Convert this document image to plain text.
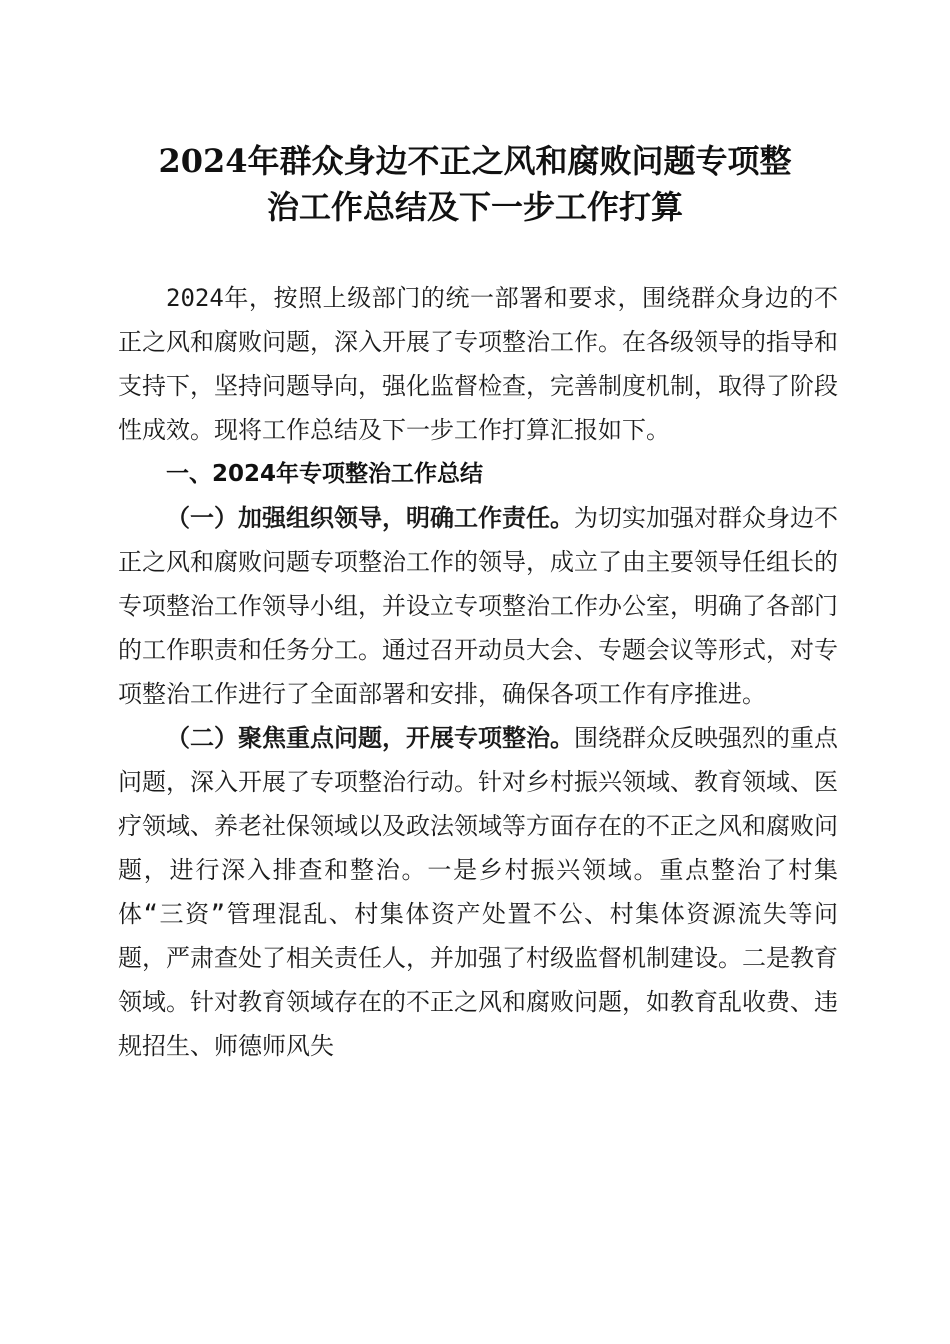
2024年群众身边不正之风和腐败问题专项整
治工作总结及下一步工作打算

2024年，按照上级部门的统一部署和要求，围绕群众身边的不正之风和腐败问题，深入开展了专项整治工作。在各级领导的指导和支持下，坚持问题导向，强化监督检查，完善制度机制，取得了阶段性成效。现将工作总结及下一步工作打算汇报如下。

一、2024年专项整治工作总结

（一）加强组织领导，明确工作责任。为切实加强对群众身边不正之风和腐败问题专项整治工作的领导，成立了由主要领导任组长的专项整治工作领导小组，并设立专项整治工作办公室，明确了各部门的工作职责和任务分工。通过召开动员大会、专题会议等形式，对专项整治工作进行了全面部署和安排，确保各项工作有序推进。

（二）聚焦重点问题，开展专项整治。围绕群众反映强烈的重点问题，深入开展了专项整治行动。针对乡村振兴领域、教育领域、医疗领域、养老社保领域以及政法领域等方面存在的不正之风和腐败问题，进行深入排查和整治。一是乡村振兴领域。重点整治了村集体“三资”管理混乱、村集体资产处置不公、村集体资源流失等问题，严肃查处了相关责任人，并加强了村级监督机制建设。二是教育领域。针对教育领域存在的不正之风和腐败问题，如教育乱收费、违规招生、师德师风失
